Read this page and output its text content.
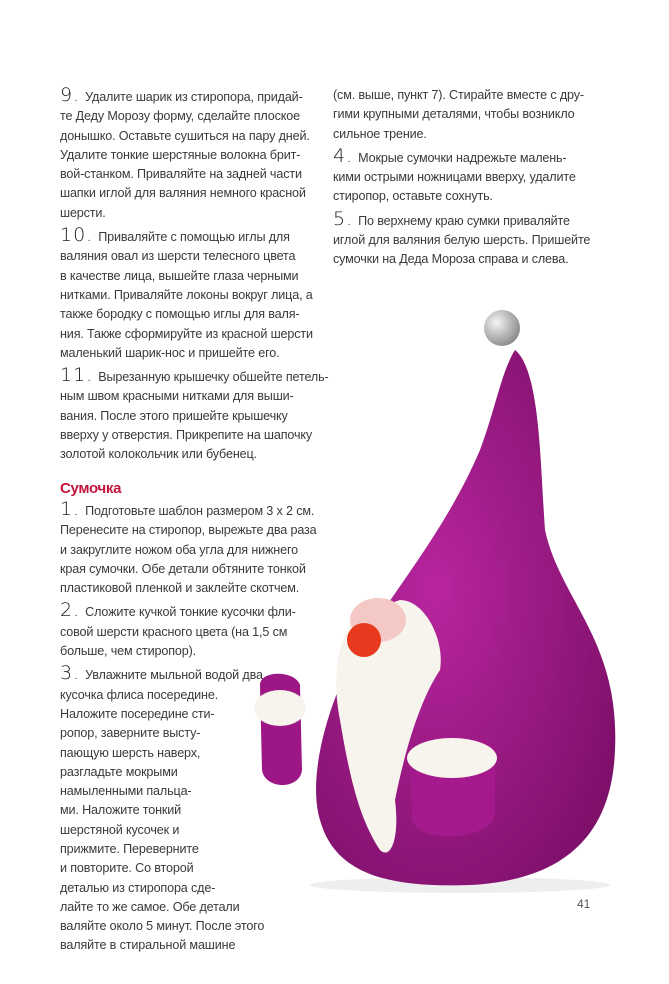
9. Удалите шарик из стиропора, придай-
те Деду Морозу форму, сделайте плоское
донышко. Оставьте сушиться на пару дней.
Удалите тонкие шерстяные волокна брит-
вой-станком. Приваляйте на задней части
шапки иглой для валяния немного красной
шерсти.
10. Приваляйте с помощью иглы для
валяния овал из шерсти телесного цвета
в качестве лица, вышейте глаза черными
нитками. Приваляйте локоны вокруг лица, а
также бородку с помощью иглы для валя-
ния. Также сформируйте из красной шерсти
маленький шарик-нос и пришейте его.
11. Вырезанную крышечку обшейте петель-
ным швом красными нитками для выши-
вания. После этого пришейте крышечку
вверху у отверстия. Прикрепите на шапочку
золотой колокольчик или бубенец.
Сумочка
1. Подготовьте шаблон размером 3 х 2 см.
Перенесите на стиропор, вырежьте два раза
и закруглите ножом оба угла для нижнего
края сумочки. Обе детали обтяните тонкой
пластиковой пленкой и заклейте скотчем.
2. Сложите кучкой тонкие кусочки фли-
совой шерсти красного цвета (на 1,5 см
больше, чем стиропор).
3. Увлажните мыльной водой два
кусочка флиса посередине.
Наложите посередине сти-
ропор, заверните высту-
пающую шерсть наверх,
разгладьте мокрыми
намыленными пальца-
ми. Наложите тонкий
шерстяной кусочек и
прижмите. Переверните
и повторите. Со второй
деталью из стиропора сде-
лайте то же самое. Обе детали
валяйте около 5 минут. После этого
валяйте в стиральной машине
(см. выше, пункт 7). Стирайте вместе с дру-
гими крупными деталями, чтобы возникло
сильное трение.
4. Мокрые сумочки надрежьте малень-
кими острыми ножницами вверху, удалите
стиропор, оставьте сохнуть.
5. По верхнему краю сумки приваляйте
иглой для валяния белую шерсть. Пришейте
сумочки на Деда Мороза справа и слева.
41
